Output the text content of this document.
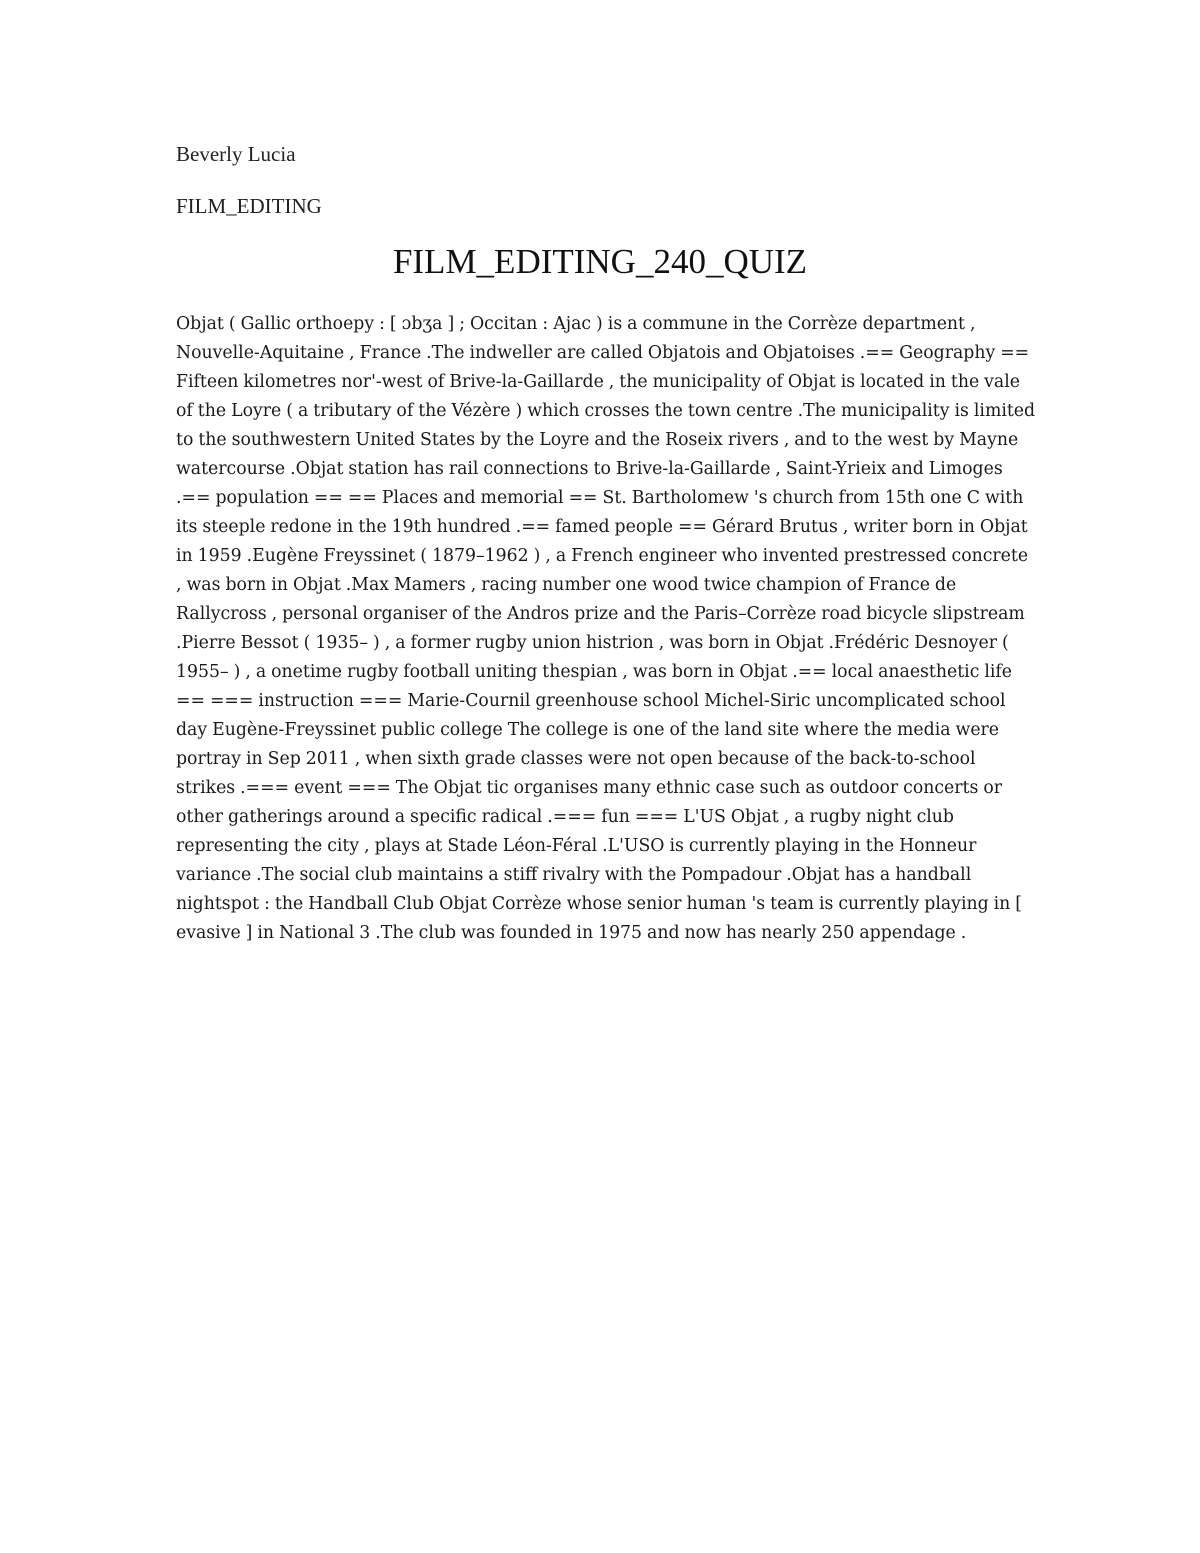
Beverly Lucia
FILM_EDITING
FILM_EDITING_240_QUIZ

Objat ( Gallic orthoepy : [ ɔbʒa ] ; Occitan : Ajac ) is a commune in the Corrèze department , Nouvelle-Aquitaine , France .The indweller are called Objatois and Objatoises .== Geography == Fifteen kilometres nor'-west of Brive-la-Gaillarde , the municipality of Objat is located in the vale of the Loyre ( a tributary of the Vézère ) which crosses the town centre .The municipality is limited to the southwestern United States by the Loyre and the Roseix rivers , and to the west by Mayne watercourse .Objat station has rail connections to Brive-la-Gaillarde , Saint-Yrieix and Limoges .== population == == Places and memorial == St. Bartholomew 's church from 15th one C with its steeple redone in the 19th hundred .== famed people == Gérard Brutus , writer born in Objat in 1959 .Eugène Freyssinet ( 1879–1962 ) , a French engineer who invented prestressed concrete , was born in Objat .Max Mamers , racing number one wood twice champion of France de Rallycross , personal organiser of the Andros prize and the Paris–Corrèze road bicycle slipstream .Pierre Bessot ( 1935– ) , a former rugby union histrion , was born in Objat .Frédéric Desnoyer ( 1955– ) , a onetime rugby football uniting thespian , was born in Objat .== local anaesthetic life == === instruction === Marie-Cournil greenhouse school Michel-Siric uncomplicated school day Eugène-Freyssinet public college The college is one of the land site where the media were portray in Sep 2011 , when sixth grade classes were not open because of the back-to-school strikes .=== event === The Objat tic organises many ethnic case such as outdoor concerts or other gatherings around a specific radical .=== fun === L'US Objat , a rugby night club representing the city , plays at Stade Léon-Féral .L'USO is currently playing in the Honneur variance .The social club maintains a stiff rivalry with the Pompadour .Objat has a handball nightspot : the Handball Club Objat Corrèze whose senior human 's team is currently playing in [ evasive ] in National 3 .The club was founded in 1975 and now has nearly 250 appendage .
